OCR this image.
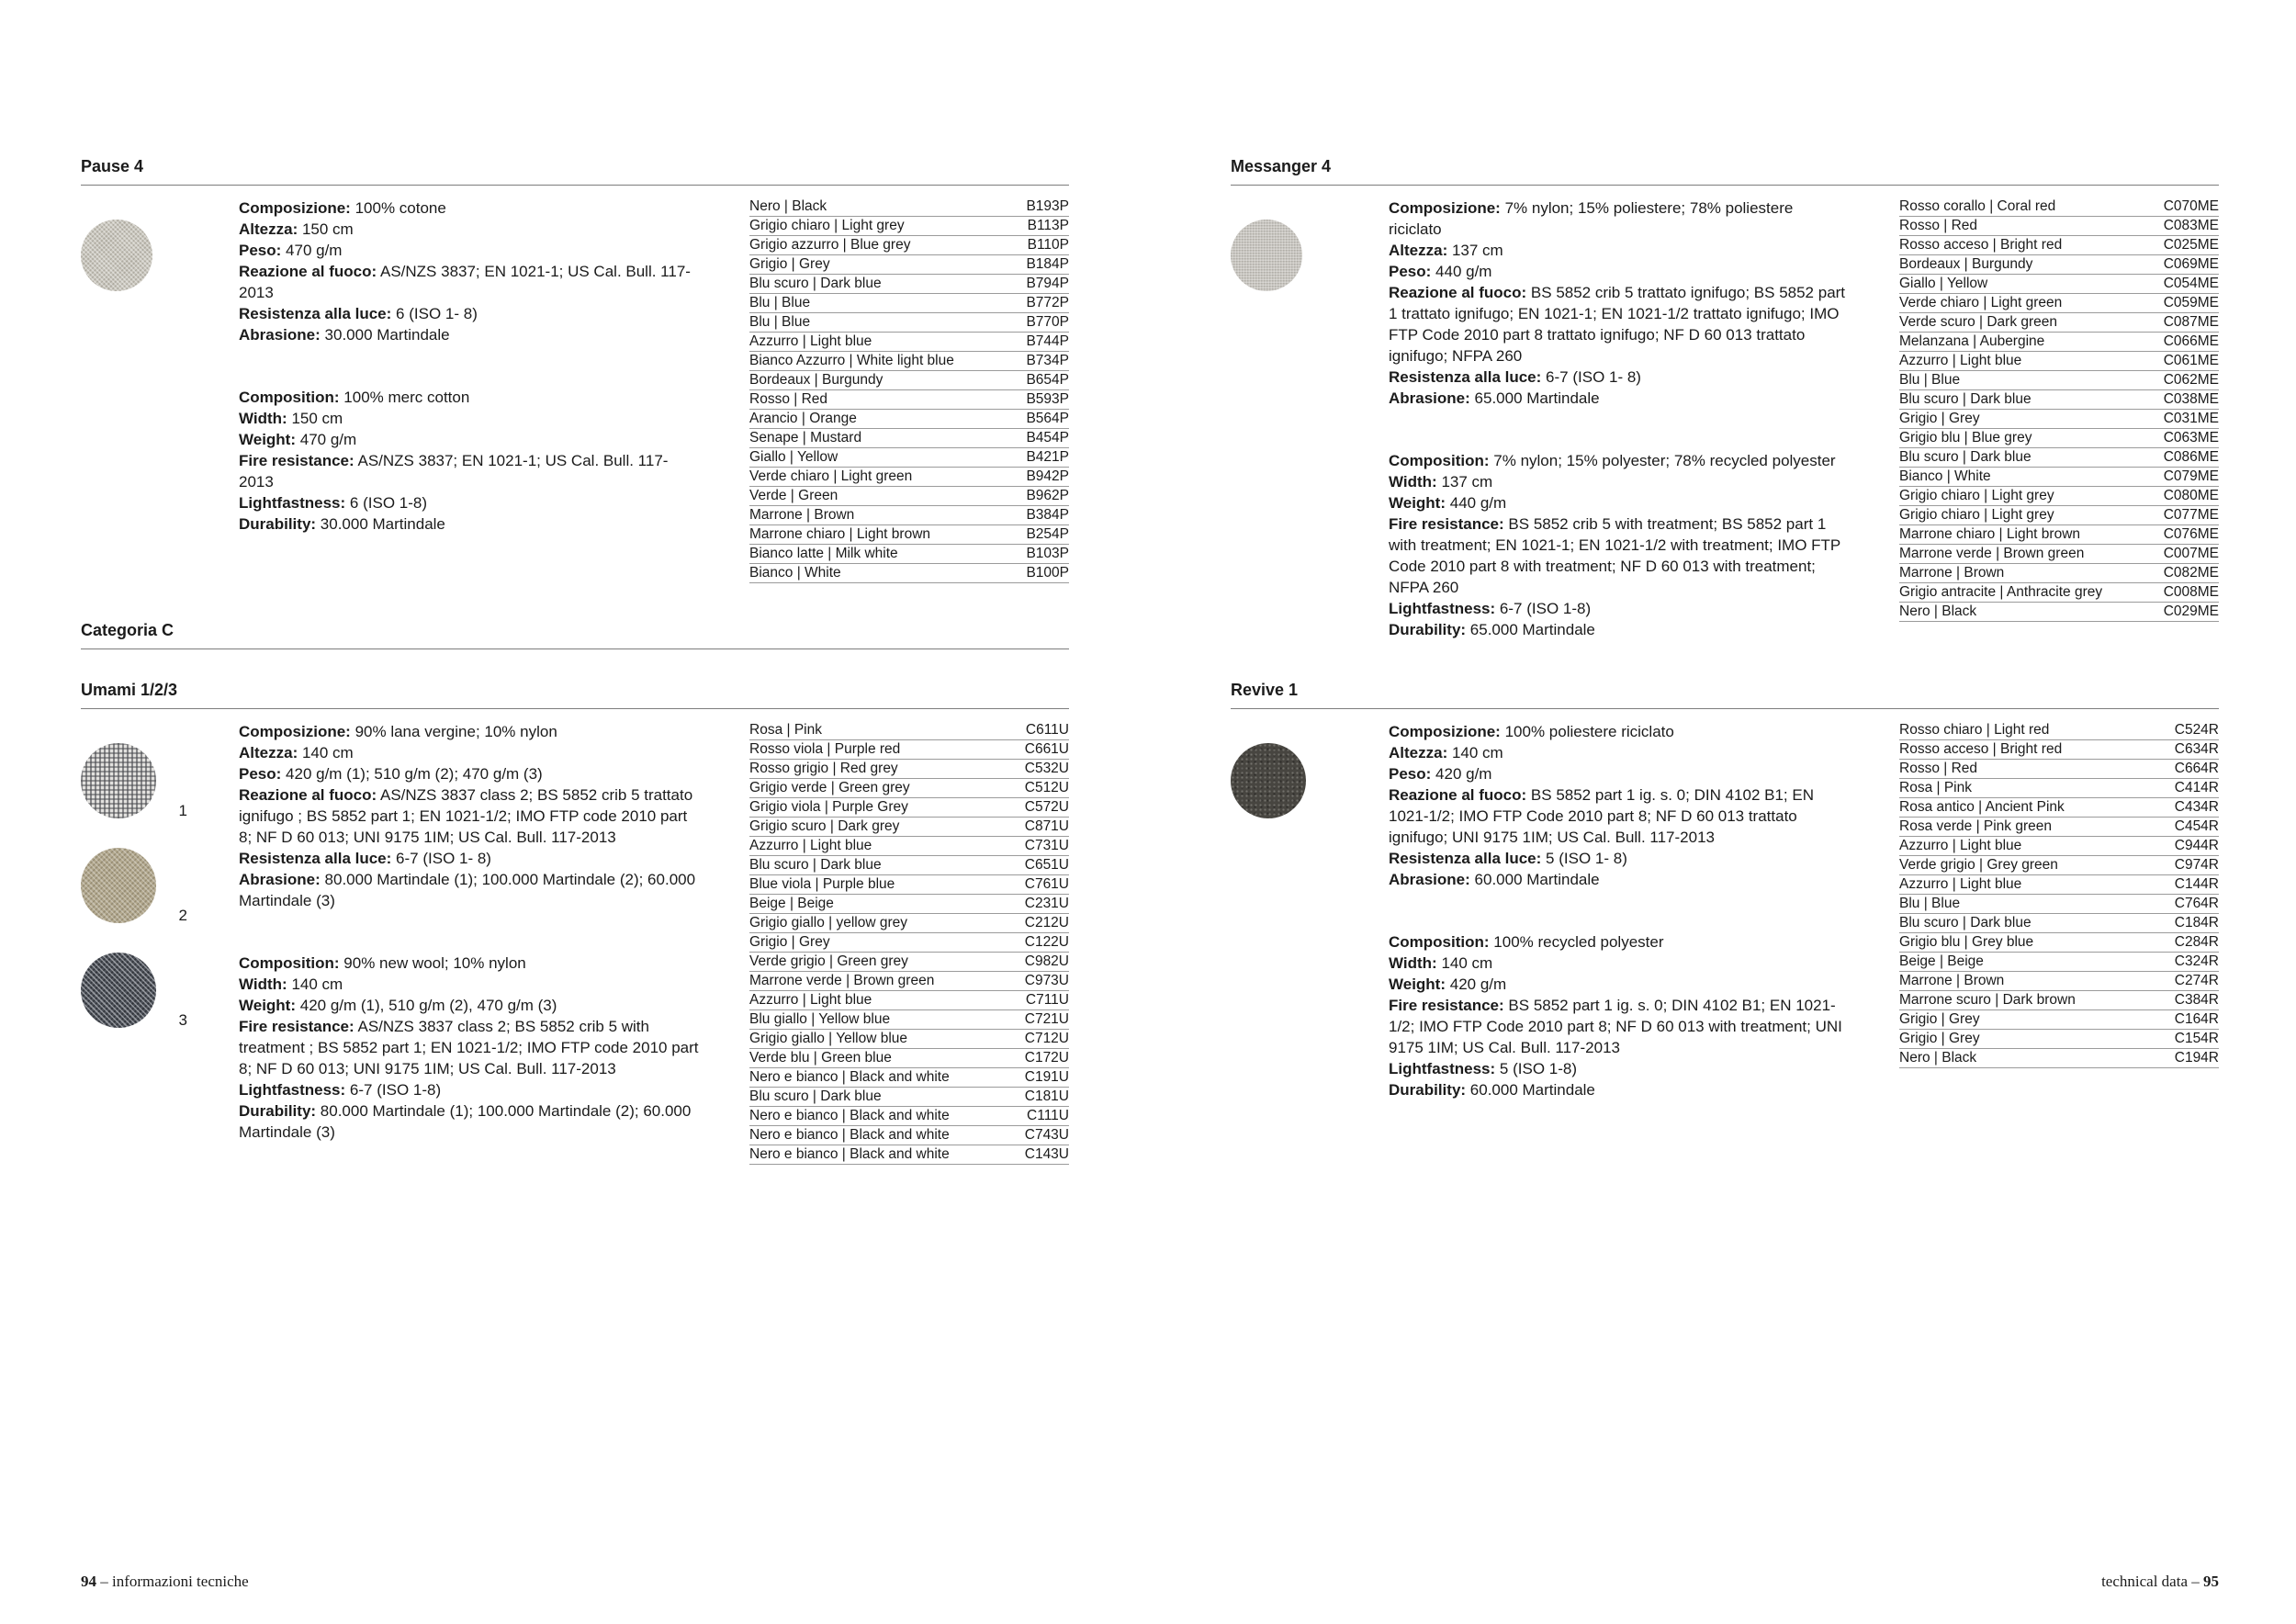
Pause 4
Composizione: 100% cotone
Altezza: 150 cm
Peso: 470 g/m
Reazione al fuoco: AS/NZS 3837; EN 1021-1; US Cal. Bull. 117-2013
Resistenza alla luce: 6 (ISO 1- 8)
Abrasione: 30.000 Martindale
Composition: 100% merc cotton
Width: 150 cm
Weight: 470 g/m
Fire resistance: AS/NZS 3837; EN 1021-1; US Cal. Bull. 117-2013
Lightfastness: 6 (ISO 1-8)
Durability: 30.000 Martindale
Nero | Black	B193P
Grigio chiaro | Light grey	B113P
Grigio azzurro | Blue grey	B110P
Grigio | Grey	B184P
Blu scuro | Dark blue	B794P
Blu | Blue	B772P
Blu | Blue	B770P
Azzurro | Light blue	B744P
Bianco Azzurro | White light blue	B734P
Bordeaux | Burgundy	B654P
Rosso | Red	B593P
Arancio | Orange	B564P
Senape | Mustard	B454P
Giallo | Yellow	B421P
Verde chiaro | Light green	B942P
Verde | Green	B962P
Marrone | Brown	B384P
Marrone chiaro | Light brown	B254P
Bianco latte | Milk white	B103P
Bianco | White	B100P
Categoria C
Umami 1/2/3
1
2
3
Composizione: 90% lana vergine; 10% nylon
Altezza: 140 cm
Peso: 420 g/m (1); 510 g/m (2); 470 g/m (3)
Reazione al fuoco: AS/NZS 3837 class 2; BS 5852 crib 5 trattato ignifugo ; BS 5852 part 1; EN 1021-1/2; IMO FTP code 2010 part 8; NF D 60 013; UNI 9175 1IM; US Cal. Bull. 117-2013
Resistenza alla luce: 6-7 (ISO 1- 8)
Abrasione: 80.000 Martindale (1); 100.000 Martindale (2); 60.000 Martindale (3)
Composition: 90% new wool; 10% nylon
Width: 140 cm
Weight: 420 g/m (1), 510 g/m (2), 470 g/m (3)
Fire resistance: AS/NZS 3837 class 2; BS 5852 crib 5 with treatment ; BS 5852 part 1; EN 1021-1/2; IMO FTP code 2010 part 8; NF D 60 013; UNI 9175 1IM; US Cal. Bull. 117-2013
Lightfastness: 6-7 (ISO 1-8)
Durability: 80.000 Martindale (1); 100.000 Martindale (2); 60.000 Martindale (3)
Rosa | Pink	C611U
Rosso viola | Purple red	C661U
Rosso grigio | Red grey	C532U
Grigio verde | Green grey	C512U
Grigio viola | Purple Grey	C572U
Grigio scuro | Dark grey	C871U
Azzurro | Light blue	C731U
Blu scuro | Dark blue	C651U
Blue viola | Purple blue	C761U
Beige | Beige	C231U
Grigio giallo | yellow grey	C212U
Grigio | Grey	C122U
Verde grigio | Green grey	C982U
Marrone verde | Brown green	C973U
Azzurro | Light blue	C711U
Blu giallo | Yellow blue	C721U
Grigio giallo | Yellow blue	C712U
Verde blu | Green blue	C172U
Nero e bianco | Black and white	C191U
Blu scuro | Dark blue	C181U
Nero e bianco | Black and white	C111U
Nero e bianco | Black and white	C743U
Nero e bianco | Black and white	C143U
Messanger 4
Composizione: 7% nylon; 15% poliestere; 78% poliestere riciclato
Altezza: 137 cm
Peso: 440 g/m
Reazione al fuoco: BS 5852 crib 5 trattato ignifugo; BS 5852 part 1 trattato ignifugo; EN 1021-1; EN 1021-1/2 trattato ignifugo; IMO FTP Code 2010 part 8 trattato ignifugo; NF D 60 013 trattato ignifugo; NFPA 260
Resistenza alla luce: 6-7 (ISO 1- 8)
Abrasione: 65.000 Martindale
Composition: 7% nylon; 15% polyester; 78% recycled polyester
Width: 137 cm
Weight: 440 g/m
Fire resistance: BS 5852 crib 5 with treatment; BS 5852 part 1 with treatment; EN 1021-1; EN 1021-1/2 with treatment; IMO FTP Code 2010 part 8 with treatment; NF D 60 013 with treatment; NFPA 260
Lightfastness: 6-7 (ISO 1-8)
Durability: 65.000 Martindale
Rosso corallo | Coral red	C070ME
Rosso | Red	C083ME
Rosso acceso | Bright red	C025ME
Bordeaux | Burgundy	C069ME
Giallo | Yellow	C054ME
Verde chiaro | Light green	C059ME
Verde scuro | Dark green	C087ME
Melanzana | Aubergine	C066ME
Azzurro | Light blue	C061ME
Blu | Blue	C062ME
Blu scuro | Dark blue	C038ME
Grigio | Grey	C031ME
Grigio blu | Blue grey	C063ME
Blu scuro | Dark blue	C086ME
Bianco | White	C079ME
Grigio chiaro | Light grey	C080ME
Grigio chiaro | Light grey	C077ME
Marrone chiaro | Light brown	C076ME
Marrone verde | Brown green	C007ME
Marrone | Brown	C082ME
Grigio antracite | Anthracite grey	C008ME
Nero | Black	C029ME
Revive 1
Composizione: 100% poliestere riciclato
Altezza: 140 cm
Peso: 420 g/m
Reazione al fuoco: BS 5852 part 1 ig. s. 0; DIN 4102 B1; EN 1021-1/2; IMO FTP Code 2010 part 8; NF D 60 013 trattato ignifugo; UNI 9175 1IM; US Cal. Bull. 117-2013
Resistenza alla luce: 5 (ISO 1- 8)
Abrasione: 60.000 Martindale
Composition: 100% recycled polyester
Width: 140 cm
Weight: 420 g/m
Fire resistance: BS 5852 part 1 ig. s. 0; DIN 4102 B1; EN 1021-1/2; IMO FTP Code 2010 part 8; NF D 60 013 with treatment; UNI 9175 1IM; US Cal. Bull. 117-2013
Lightfastness: 5 (ISO 1-8)
Durability: 60.000 Martindale
Rosso chiaro | Light red	C524R
Rosso acceso | Bright red	C634R
Rosso | Red	C664R
Rosa | Pink	C414R
Rosa antico | Ancient Pink	C434R
Rosa verde | Pink green	C454R
Azzurro | Light blue	C944R
Verde grigio | Grey green	C974R
Azzurro | Light blue	C144R
Blu | Blue	C764R
Blu scuro | Dark blue	C184R
Grigio blu | Grey blue	C284R
Beige | Beige	C324R
Marrone | Brown	C274R
Marrone scuro | Dark brown	C384R
Grigio | Grey	C164R
Grigio | Grey	C154R
Nero | Black	C194R
94 – informazioni tecniche	technical data – 95
